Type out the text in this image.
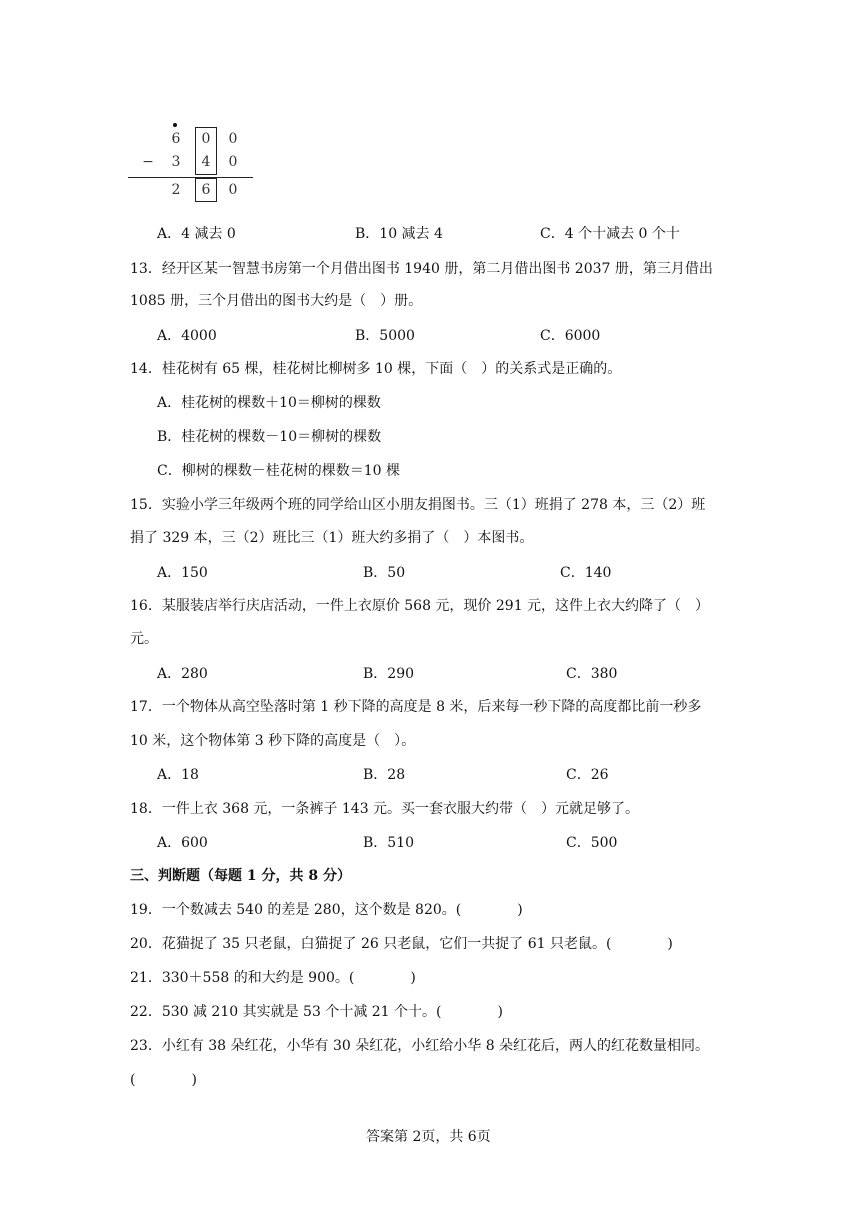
6 0 0
− 3 4 0
2 6 0
A．4 减去 0	B．10 减去 4	C．4 个十减去 0 个十
13．经开区某一智慧书房第一个月借出图书 1940 册，第二月借出图书 2037 册，第三月借出
1085 册，三个月借出的图书大约是（　）册。
A．4000	B．5000	C．6000
14．桂花树有 65 棵，桂花树比柳树多 10 棵，下面（　）的关系式是正确的。
A．桂花树的棵数＋10＝柳树的棵数
B．桂花树的棵数－10＝柳树的棵数
C．柳树的棵数－桂花树的棵数＝10 棵
15．实验小学三年级两个班的同学给山区小朋友捐图书。三（1）班捐了 278 本，三（2）班
捐了 329 本，三（2）班比三（1）班大约多捐了（　）本图书。
A．150	B．50	C．140
16．某服装店举行庆店活动，一件上衣原价 568 元，现价 291 元，这件上衣大约降了（　）
元。
A．280	B．290	C．380
17．一个物体从高空坠落时第 1 秒下降的高度是 8 米，后来每一秒下降的高度都比前一秒多
10 米，这个物体第 3 秒下降的高度是（　）。
A．18	B．28	C．26
18．一件上衣 368 元，一条裤子 143 元。买一套衣服大约带（　）元就足够了。
A．600	B．510	C．500
三、判断题（每题 1 分，共 8 分）
19．一个数减去 540 的差是 280，这个数是 820。(　　　　)
20．花猫捉了 35 只老鼠，白猫捉了 26 只老鼠，它们一共捉了 61 只老鼠。(　　　　)
21．330＋558 的和大约是 900。(　　　　)
22．530 减 210 其实就是 53 个十减 21 个十。(　　　　)
23．小红有 38 朵红花，小华有 30 朵红花，小红给小华 8 朵红花后，两人的红花数量相同。
(　　　　)
答案第 2页，共 6页
